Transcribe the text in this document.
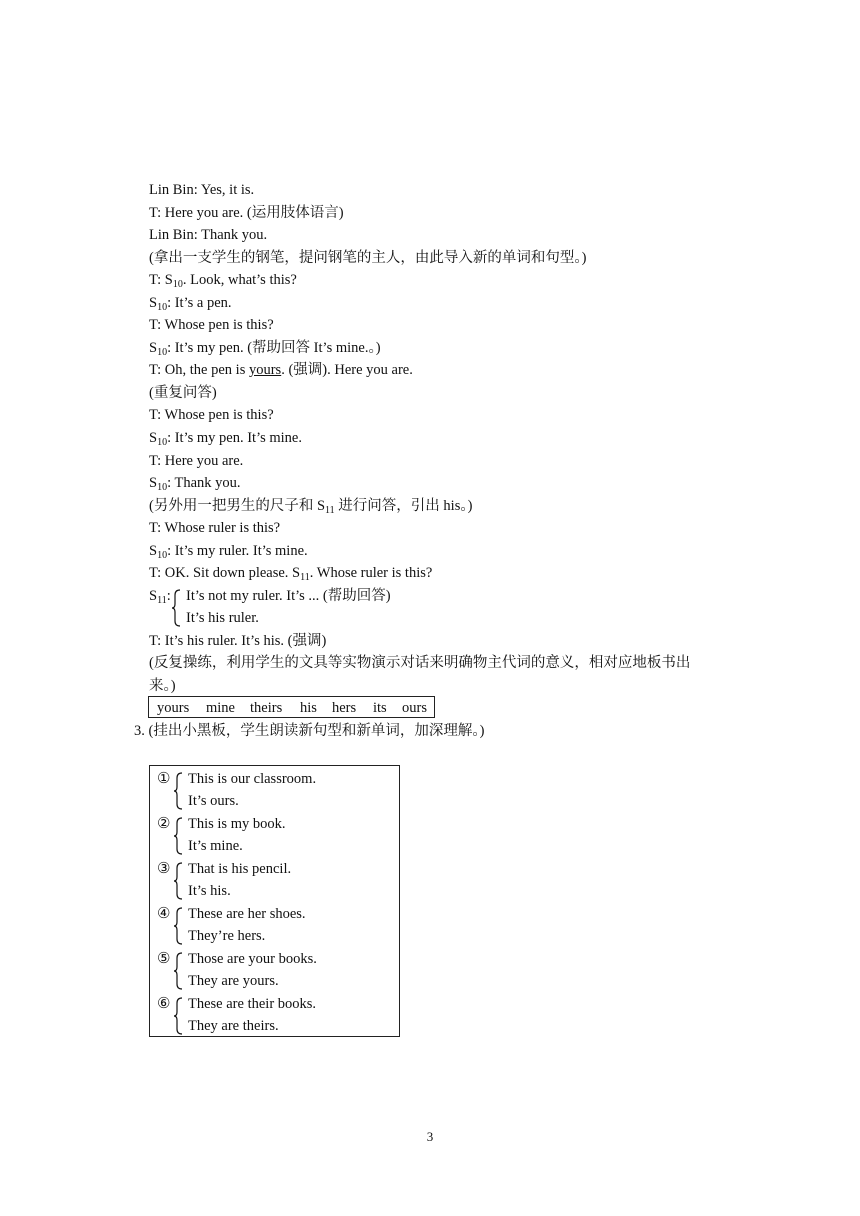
Lin Bin: Yes, it is.
T: Here you are. (运用肢体语言)
Lin Bin: Thank you.
(拿出一支学生的钢笔，提问钢笔的主人，由此导入新的单词和句型。)
T: $S_{10}$. Look, what’s this?
$S_{10}$: It’s a pen.
T: Whose pen is this?
$S_{10}$: It’s my pen. (帮助回答 It’s mine.。)
T: Oh, the pen is yours. (强调). Here you are.
(重复问答)
T: Whose pen is this?
$S_{10}$: It’s my pen. It’s mine.
T: Here you are.
$S_{10}$: Thank you.
(另外用一把男生的尺子和 $S_{11}$ 进行问答，引出 his。)
T: Whose ruler is this?
$S_{10}$: It’s my ruler. It’s mine.
T: OK. Sit down please. $S_{11}$. Whose ruler is this?
$S_{11}$: It’s not my ruler. It’s ... (帮助回答)
It’s his ruler.
T: It’s his ruler. It’s his. (强调)
(反复操练，利用学生的文具等实物演示对话来明确物主代词的意义，相对应地板书出
来。)
yours mine theirs his hers its ours
3. (挂出小黑板，学生朗读新句型和新单词，加深理解。)
① This is our classroom.
It’s ours.
② This is my book.
It’s mine.
③ That is his pencil.
It’s his.
④ These are her shoes.
They’re hers.
⑤ Those are your books.
They are yours.
⑥ These are their books.
They are theirs.
3
